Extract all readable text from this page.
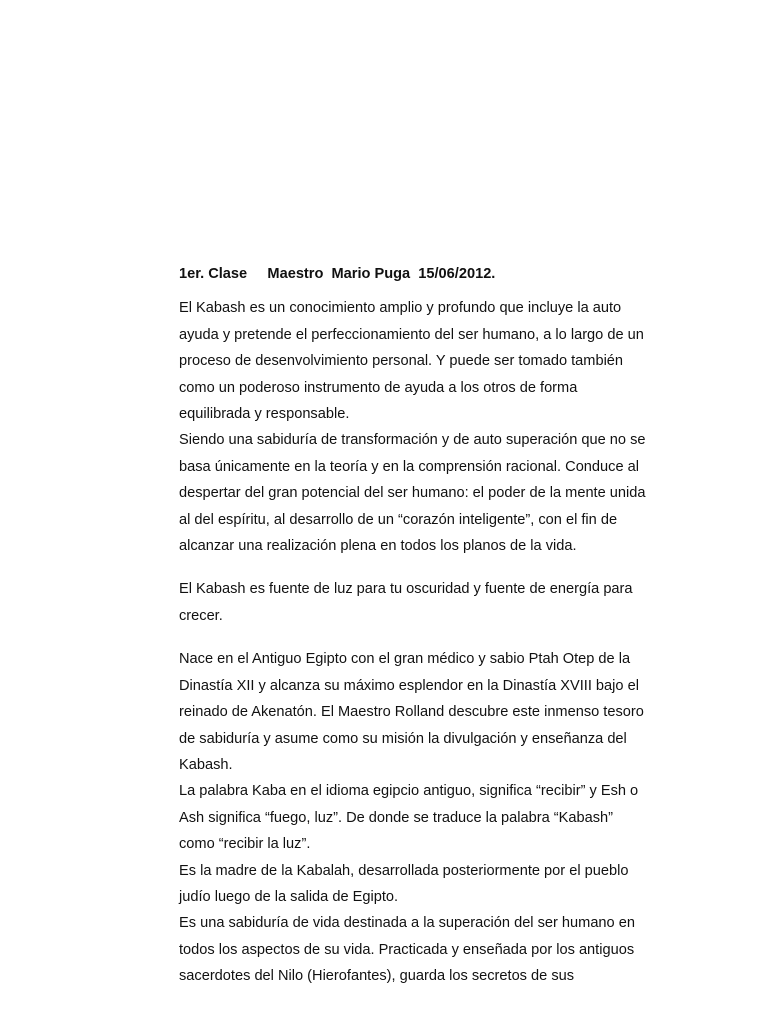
1er. Clase     Maestro  Mario Puga  15/06/2012.

El Kabash es un conocimiento amplio y profundo que incluye la auto
ayuda y pretende el perfeccionamiento del ser humano, a lo largo de un
proceso de desenvolvimiento personal. Y puede ser tomado también
como un poderoso instrumento de ayuda a los otros de forma
equilibrada y responsable.
Siendo una sabiduría de transformación y de auto superación que no se
basa únicamente en la teoría y en la comprensión racional. Conduce al
despertar del gran potencial del ser humano: el poder de la mente unida
al del espíritu, al desarrollo de un “corazón inteligente”, con el fin de
alcanzar una realización plena en todos los planos de la vida.

El Kabash es fuente de luz para tu oscuridad y fuente de energía para
crecer.

Nace en el Antiguo Egipto con el gran médico y sabio Ptah Otep de la
Dinastía XII y alcanza su máximo esplendor en la Dinastía XVIII bajo el
reinado de Akenatón. El Maestro Rolland descubre este inmenso tesoro
de sabiduría y asume como su misión la divulgación y enseñanza del
Kabash.
La palabra Kaba en el idioma egipcio antiguo, significa “recibir” y Esh o
Ash significa “fuego, luz”. De donde se traduce la palabra “Kabash”
como “recibir la luz”.
Es la madre de la Kabalah, desarrollada posteriormente por el pueblo
judío luego de la salida de Egipto.
Es una sabiduría de vida destinada a la superación del ser humano en
todos los aspectos de su vida. Practicada y enseñada por los antiguos
sacerdotes del Nilo (Hierofantes), guarda los secretos de sus
